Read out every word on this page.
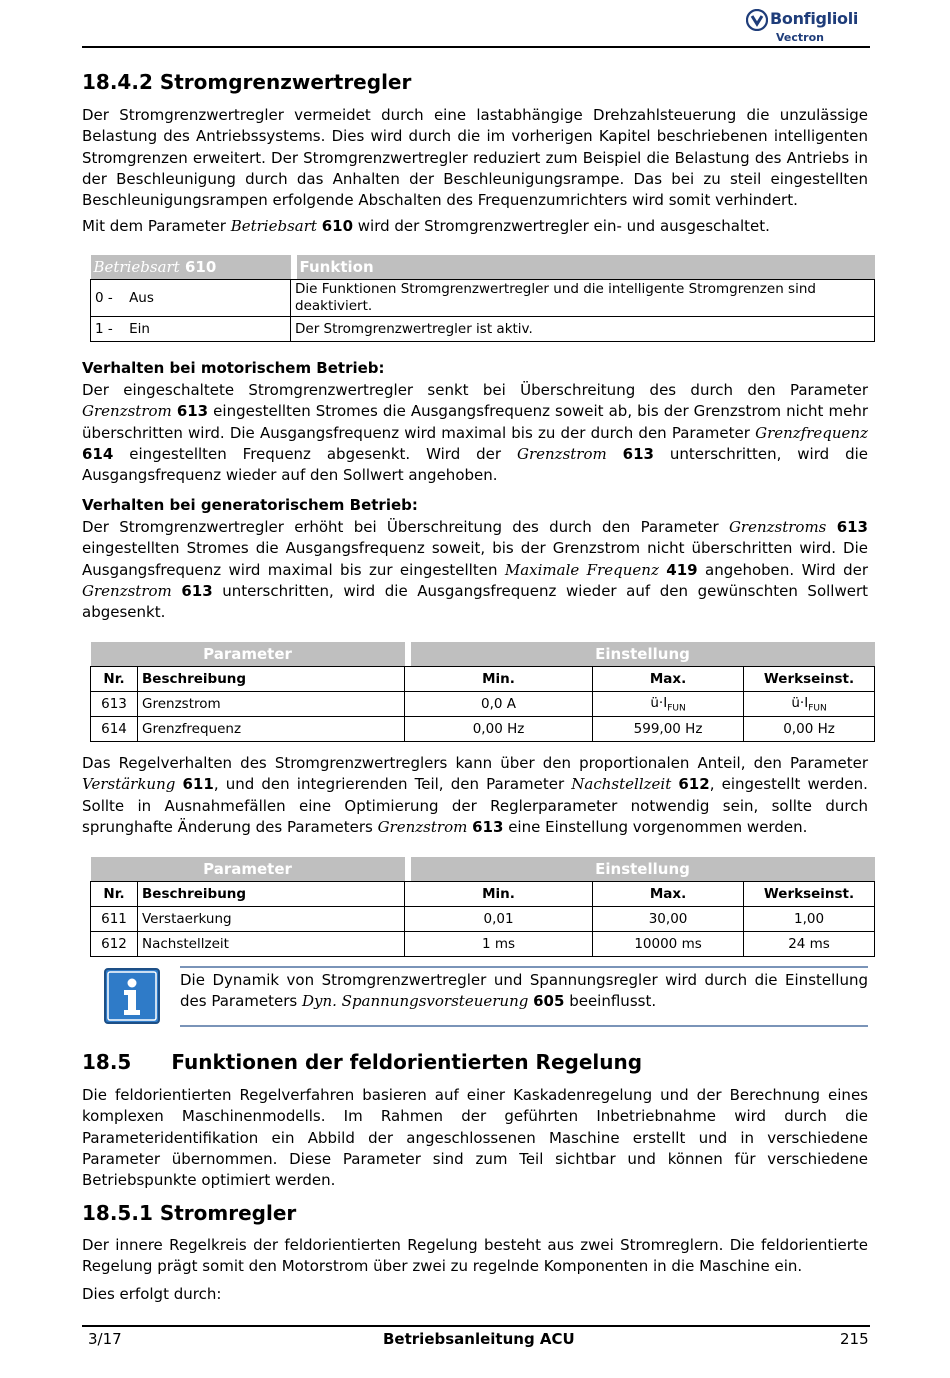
Bonfiglioli
Vectron
18.4.2 Stromgrenzwertregler

Der Stromgrenzwertregler vermeidet durch eine lastabhängige Drehzahlsteuerung die unzulässige Belastung des Antriebssystems. Dies wird durch die im vorherigen Kapitel beschriebenen intelligenten Stromgrenzen erweitert. Der Stromgrenzwertregler reduziert zum Beispiel die Belastung des Antriebs in der Beschleunigung durch das Anhalten der Beschleunigungsrampe. Das bei zu steil eingestellten Beschleunigungsrampen erfolgende Abschalten des Frequenzumrichters wird somit verhindert.

Mit dem Parameter Betriebsart 610 wird der Stromgrenzwertregler ein- und ausgeschaltet.

Betriebsart 610		Funktion
0 - Aus	Die Funktionen Stromgrenzwertregler und die intelligente Stromgrenzen sind deaktiviert.	
1 - Ein	Der Stromgrenzwertregler ist aktiv.	

Verhalten bei motorischem Betrieb:

Der eingeschaltete Stromgrenzwertregler senkt bei Überschreitung des durch den Parameter Grenzstrom 613 eingestellten Stromes die Ausgangsfrequenz soweit ab, bis der Grenzstrom nicht mehr überschritten wird. Die Ausgangsfrequenz wird maximal bis zu der durch den Parameter Grenzfrequenz 614 eingestellten Frequenz abgesenkt. Wird der Grenzstrom 613 unterschritten, wird die Ausgangsfrequenz wieder auf den Sollwert angehoben.

Verhalten bei generatorischem Betrieb:

Der Stromgrenzwertregler erhöht bei Überschreitung des durch den Parameter Grenzstroms 613 eingestellten Stromes die Ausgangsfrequenz soweit, bis der Grenzstrom nicht überschritten wird. Die Ausgangsfrequenz wird maximal bis zur eingestellten Maximale Frequenz 419 angehoben. Wird der Grenzstrom 613 unterschritten, wird die Ausgangsfrequenz wieder auf den gewünschten Sollwert abgesenkt.

Parameter			Einstellung		
Nr.	Beschreibung	Min.		Max.	Werkseinst.
613	Grenzstrom	0,0 A		$ü\cdot I_{FUN}$	$ü\cdot I_{FUN}$
614	Grenzfrequenz	0,00 Hz		599,00 Hz	0,00 Hz

Das Regelverhalten des Stromgrenzwertreglers kann über den proportionalen Anteil, den Parameter Verstärkung 611, und den integrierenden Teil, den Parameter Nachstellzeit 612, eingestellt werden. Sollte in Ausnahmefällen eine Optimierung der Reglerparameter notwendig sein, sollte durch sprunghafte Änderung des Parameters Grenzstrom 613 eine Einstellung vorgenommen werden.

Parameter			Einstellung		
Nr.	Beschreibung	Min.		Max.	Werkseinst.
611	Verstaerkung	0,01		30,00	1,00
612	Nachstellzeit	1 ms		10000 ms	24 ms

Die Dynamik von Stromgrenzwertregler und Spannungsregler wird durch die Einstellung des Parameters Dyn. Spannungsvorsteuerung 605 beeinflusst.

18.5 Funktionen der feldorientierten Regelung

Die feldorientierten Regelverfahren basieren auf einer Kaskadenregelung und der Berechnung eines komplexen Maschinenmodells. Im Rahmen der geführten Inbetriebnahme wird durch die Parameteridentifikation ein Abbild der angeschlossenen Maschine erstellt und in verschiedene Parameter übernommen. Diese Parameter sind zum Teil sichtbar und können für verschiedene Betriebspunkte optimiert werden.

18.5.1 Stromregler

Der innere Regelkreis der feldorientierten Regelung besteht aus zwei Stromreglern. Die feldorientierte Regelung prägt somit den Motorstrom über zwei zu regelnde Komponenten in die Maschine ein.

Dies erfolgt durch:

3/17	Betriebsanleitung ACU	215
